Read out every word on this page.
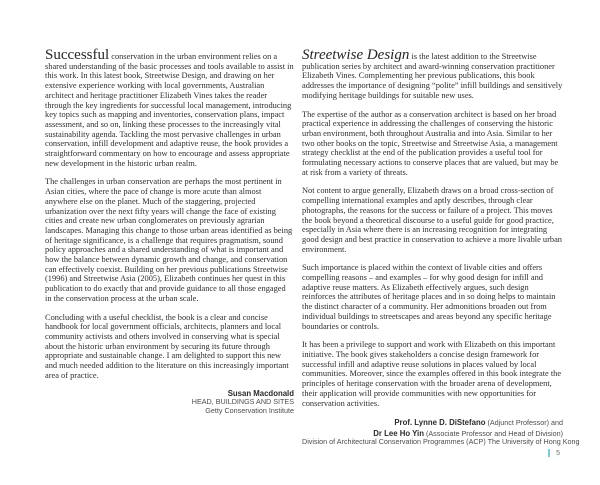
Successful conservation in the urban environment relies on a shared understanding of the basic processes and tools available to assist in this work. In this latest book, Streetwise Design, and drawing on her extensive experience working with local governments, Australian architect and heritage practitioner Elizabeth Vines takes the reader through the key ingredients for successful local management, introducing key topics such as mapping and inventories, conservation plans, impact assessment, and so on, linking these processes to the increasingly vital sustainability agenda. Tackling the most pervasive challenges in urban conservation, infill development and adaptive reuse, the book provides a straightforward commentary on how to encourage and assess appropriate new development in the historic urban realm.

The challenges in urban conservation are perhaps the most pertinent in Asian cities, where the pace of change is more acute than almost anywhere else on the planet. Much of the staggering, projected urbanization over the next fifty years will change the face of existing cities and create new urban conglomerates on previously agrarian landscapes. Managing this change to those urban areas identified as being of heritage significance, is a challenge that requires pragmatism, sound policy approaches and a shared understanding of what is important and how the balance between dynamic growth and change, and conservation can effectively coexist. Building on her previous publications Streetwise (1996) and Streetwise Asia (2005), Elizabeth continues her quest in this publication to do exactly that and provide guidance to all those engaged in the conservation process at the urban scale.

Concluding with a useful checklist, the book is a clear and concise handbook for local government officials, architects, planners and local community activists and others involved in conserving what is special about the historic urban environment by securing its future through appropriate and sustainable change. I am delighted to support this new and much needed addition to the literature on this increasingly important area of practice.

Susan Macdonald
HEAD, BUILDINGS AND SITES
Getty Conservation Institute

Streetwise Design is the latest addition to the Streetwise publication series by architect and award-winning conservation practitioner Elizabeth Vines. Complementing her previous publications, this book addresses the importance of designing “polite” infill buildings and sensitively modifying heritage buildings for suitable new uses.

The expertise of the author as a conservation architect is based on her broad practical experience in addressing the challenges of conserving the historic urban environment, both throughout Australia and into Asia. Similar to her two other books on the topic, Streetwise and Streetwise Asia, a management strategy checklist at the end of the publication provides a useful tool for formulating necessary actions to conserve places that are valued, but may be at risk from a variety of threats.

Not content to argue generally, Elizabeth draws on a broad cross-section of compelling international examples and aptly describes, through clear photographs, the reasons for the success or failure of a project. This moves the book beyond a theoretical discourse to a useful guide for good practice, especially in Asia where there is an increasing recognition for integrating good design and best practice in conservation to achieve a more livable urban environment.

Such importance is placed within the context of livable cities and offers compelling reasons – and examples – for why good design for infill and adaptive reuse matters. As Elizabeth effectively argues, such design reinforces the attributes of heritage places and in so doing helps to maintain the distinct character of a community. Her admonitions broaden out from individual buildings to streetscapes and areas beyond any specific heritage boundaries or controls.

It has been a privilege to support and work with Elizabeth on this important initiative. The book gives stakeholders a concise design framework for successful infill and adaptive reuse solutions in places valued by local communities. Moreover, since the examples offered in this book integrate the principles of heritage conservation with the broader arena of development, their application will provide communities with new opportunities for conservation activities.

Prof. Lynne D. DiStefano (Adjunct Professor) and
Dr Lee Ho Yin (Associate Professor and Head of Division)
Division of Architectural Conservation Programmes (ACP) The University of Hong Kong
5
